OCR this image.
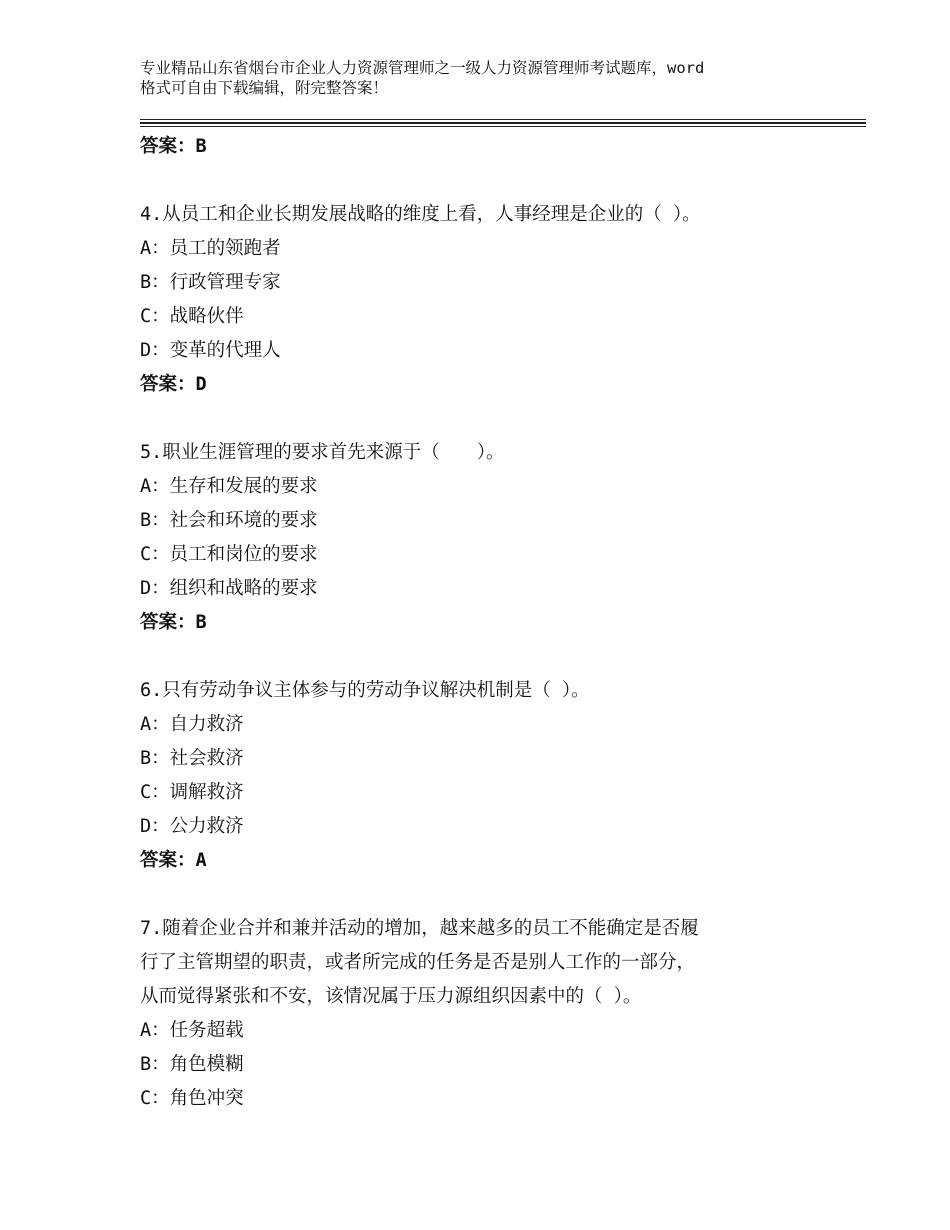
专业精品山东省烟台市企业人力资源管理师之一级人力资源管理师考试题库，word
格式可自由下载编辑，附完整答案！
答案：B
4.从员工和企业长期发展战略的维度上看，人事经理是企业的（ ）。
A：员工的领跑者
B：行政管理专家
C：战略伙伴
D：变革的代理人
答案：D
5.职业生涯管理的要求首先来源于（　　）。
A：生存和发展的要求
B：社会和环境的要求
C：员工和岗位的要求
D：组织和战略的要求
答案：B
6.只有劳动争议主体参与的劳动争议解决机制是（ ）。
A：自力救济
B：社会救济
C：调解救济
D：公力救济
答案：A
7.随着企业合并和兼并活动的增加，越来越多的员工不能确定是否履
行了主管期望的职责，或者所完成的任务是否是别人工作的一部分，
从而觉得紧张和不安，该情况属于压力源组织因素中的（ ）。
A：任务超载
B：角色模糊
C：角色冲突
